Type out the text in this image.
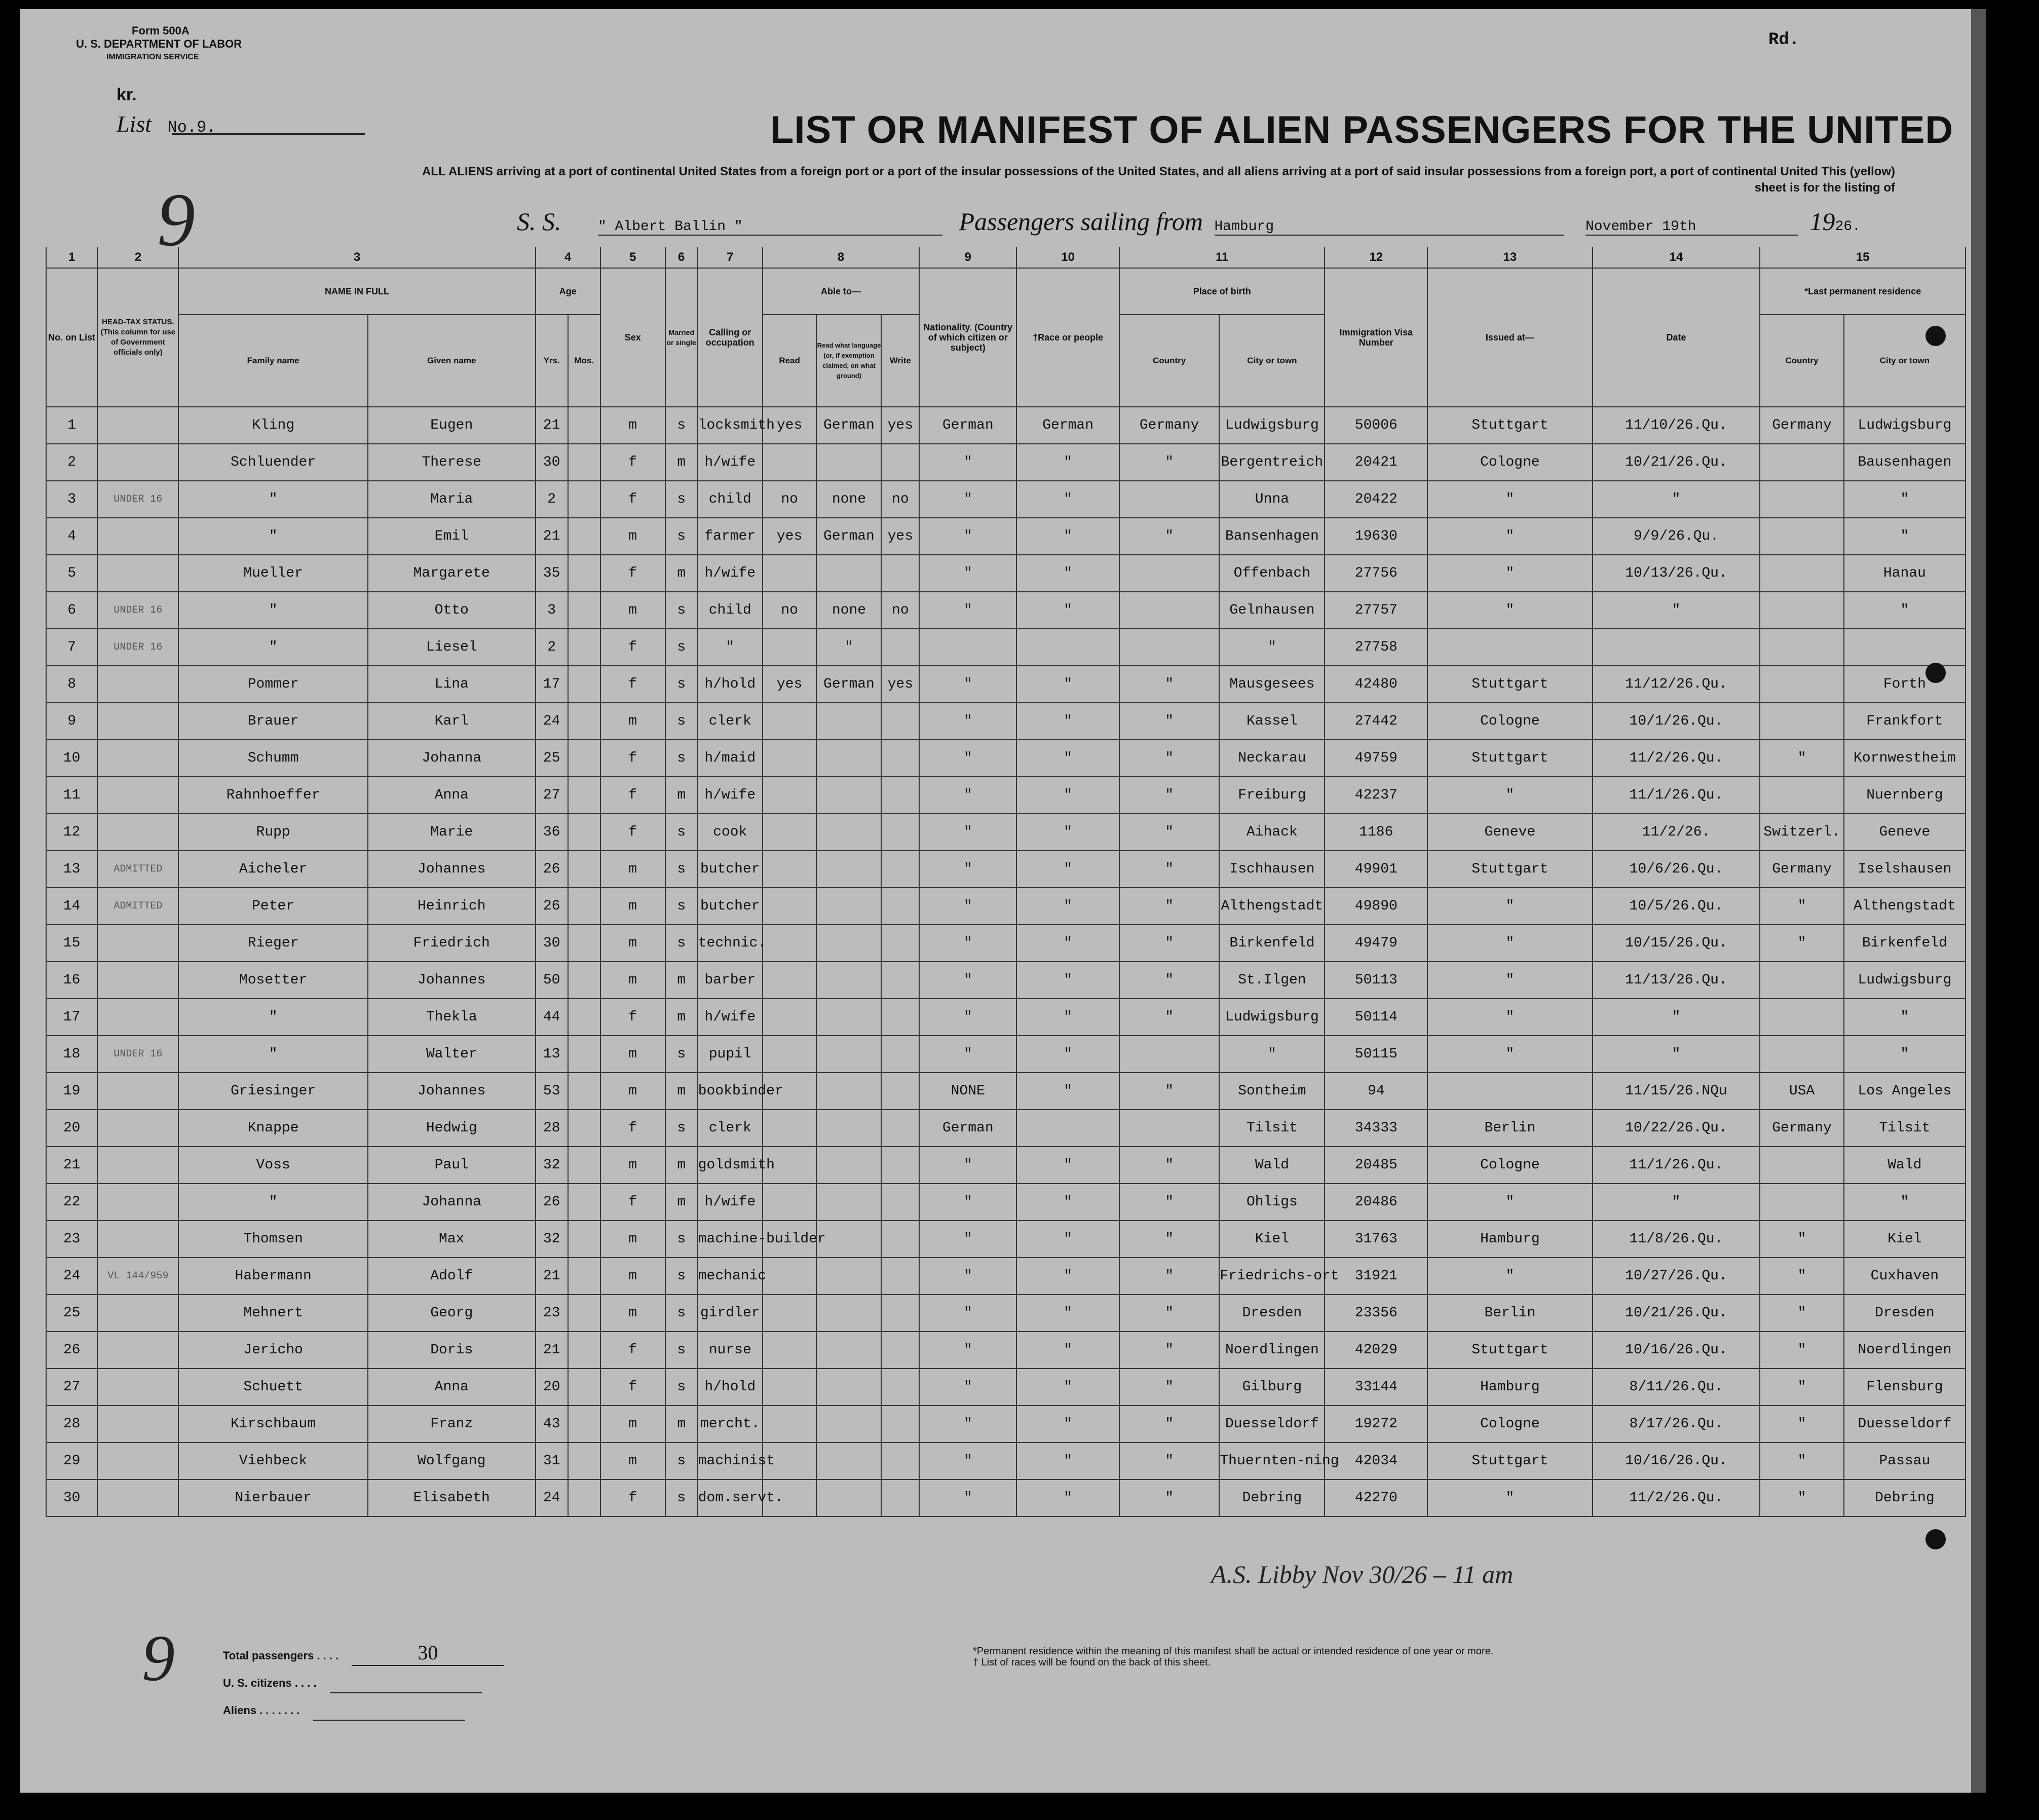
Form 500A
U. S. DEPARTMENT OF LABOR
IMMIGRATION SERVICE
kr.
List No.9.
Rd.
9
LIST OR MANIFEST OF ALIEN PASSENGERS FOR THE UNITED
ALL ALIENS arriving at a port of continental United States from a foreign port or a port of the insular possessions of the United States, and all aliens arriving at a port of said insular possessions from a foreign port, a port of continental United This (yellow) sheet is for the listing of
S. S.	" Albert Ballin "	Passengers sailing from Hamburg	November 19th	1926.
1	2	3		4		5	6	7	8			9	10	11		12	13	14	15	
No. on List	HEAD-TAX STATUS. (This column for use of Government officials only)	NAME IN FULL		Age		Sex	Married or single	Calling or occupation	Able to—			Nationality. (Country of which citizen or subject)	†Race or people	Place of birth		Immigration Visa Number	Issued at—	Date	*Last permanent residence	
		Family name	Given name	Yrs.	Mos.				Read	Read what language (or, if exemption claimed, on what ground)	Write			Country	City or town				Country	City or town
1		Kling	Eugen	21		m	s	locksmith	yes	German	yes	German	German	Germany	Ludwigsburg	50006	Stuttgart	11/10/26.Qu.	Germany	Ludwigsburg
2		Schluender	Therese	30		f	m	h/wife				"	"	"	Bergentreich	20421	Cologne	10/21/26.Qu.		Bausenhagen
3	UNDER 16	"	Maria	2		f	s	child	no	none	no	"	"		Unna	20422	"	"		"
4		"	Emil	21		m	s	farmer	yes	German	yes	"	"	"	Bansenhagen	19630	"	9/9/26.Qu.		"
5		Mueller	Margarete	35		f	m	h/wife				"	"		Offenbach	27756	"	10/13/26.Qu.		Hanau
6	UNDER 16	"	Otto	3		m	s	child	no	none	no	"	"		Gelnhausen	27757	"	"		"
7	UNDER 16	"	Liesel	2		f	s	"		"					"	27758				
8		Pommer	Lina	17		f	s	h/hold	yes	German	yes	"	"	"	Mausgesees	42480	Stuttgart	11/12/26.Qu.		Forth
9		Brauer	Karl	24		m	s	clerk				"	"	"	Kassel	27442	Cologne	10/1/26.Qu.		Frankfort
10		Schumm	Johanna	25		f	s	h/maid				"	"	"	Neckarau	49759	Stuttgart	11/2/26.Qu.	"	Kornwestheim
11		Rahnhoeffer	Anna	27		f	m	h/wife				"	"	"	Freiburg	42237	"	11/1/26.Qu.		Nuernberg
12		Rupp	Marie	36		f	s	cook				"	"	"	Aihack	1186	Geneve	11/2/26.	Switzerl.	Geneve
13	ADMITTED	Aicheler	Johannes	26		m	s	butcher				"	"	"	Ischhausen	49901	Stuttgart	10/6/26.Qu.	Germany	Iselshausen
14	ADMITTED	Peter	Heinrich	26		m	s	butcher				"	"	"	Althengstadt	49890	"	10/5/26.Qu.	"	Althengstadt
15		Rieger	Friedrich	30		m	s	technic.				"	"	"	Birkenfeld	49479	"	10/15/26.Qu.	"	Birkenfeld
16		Mosetter	Johannes	50		m	m	barber				"	"	"	St.Ilgen	50113	"	11/13/26.Qu.		Ludwigsburg
17		"	Thekla	44		f	m	h/wife				"	"	"	Ludwigsburg	50114	"	"		"
18	UNDER 16	"	Walter	13		m	s	pupil				"	"		"	50115	"	"		"
19		Griesinger	Johannes	53		m	m	bookbinder				NONE	"	"	Sontheim	94		11/15/26.NQu	USA	Los Angeles
20		Knappe	Hedwig	28		f	s	clerk				German			Tilsit	34333	Berlin	10/22/26.Qu.	Germany	Tilsit
21		Voss	Paul	32		m	m	goldsmith				"	"	"	Wald	20485	Cologne	11/1/26.Qu.		Wald
22		"	Johanna	26		f	m	h/wife				"	"	"	Ohligs	20486	"	"		"
23		Thomsen	Max	32		m	s	machine-builder				"	"	"	Kiel	31763	Hamburg	11/8/26.Qu.	"	Kiel
24	VL 144/959	Habermann	Adolf	21		m	s	mechanic				"	"	"	Friedrichs-ort	31921	"	10/27/26.Qu.	"	Cuxhaven
25		Mehnert	Georg	23		m	s	girdler				"	"	"	Dresden	23356	Berlin	10/21/26.Qu.	"	Dresden
26		Jericho	Doris	21		f	s	nurse				"	"	"	Noerdlingen	42029	Stuttgart	10/16/26.Qu.	"	Noerdlingen
27		Schuett	Anna	20		f	s	h/hold				"	"	"	Gilburg	33144	Hamburg	8/11/26.Qu.	"	Flensburg
28		Kirschbaum	Franz	43		m	m	mercht.				"	"	"	Duesseldorf	19272	Cologne	8/17/26.Qu.	"	Duesseldorf
29		Viehbeck	Wolfgang	31		m	s	machinist				"	"	"	Thuernten-ning	42034	Stuttgart	10/16/26.Qu.	"	Passau
30		Nierbauer	Elisabeth	24		f	s	dom.servt.				"	"	"	Debring	42270	"	11/2/26.Qu.	"	Debring
Total passengers . . . .	30
U. S. citizens . . . .
Aliens . . . . . . .
*Permanent residence within the meaning of this manifest shall be actual or intended residence of one year or more.
† List of races will be found on the back of this sheet.
9
A.S. Libby Nov 30/26 – 11 am
